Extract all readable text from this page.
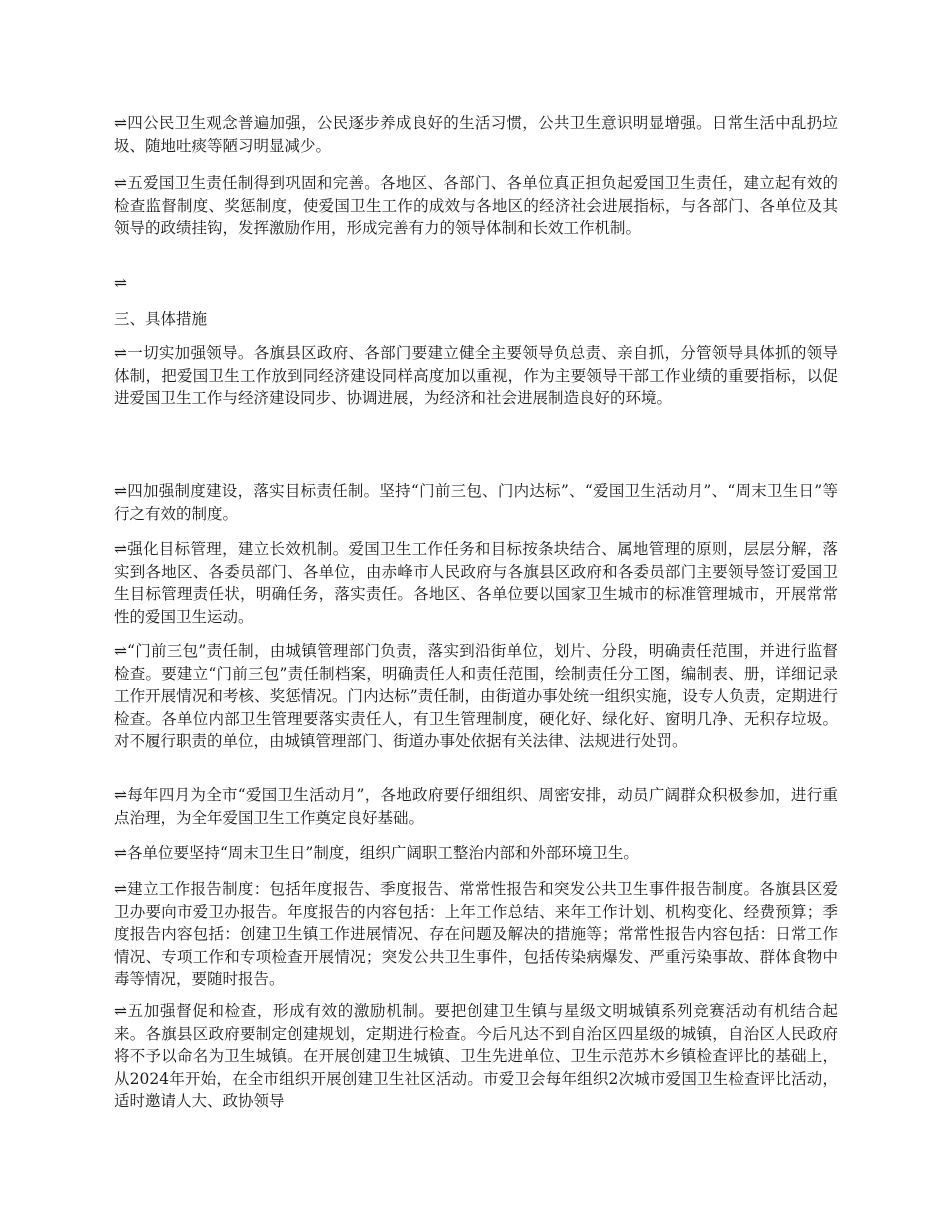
⇌四公民卫生观念普遍加强，公民逐步养成良好的生活习惯，公共卫生意识明显增强。日常生活中乱扔垃圾、随地吐痰等陋习明显减少。

⇌五爱国卫生责任制得到巩固和完善。各地区、各部门、各单位真正担负起爱国卫生责任，建立起有效的检查监督制度、奖惩制度，使爱国卫生工作的成效与各地区的经济社会进展指标，与各部门、各单位及其领导的政绩挂钩，发挥激励作用，形成完善有力的领导体制和长效工作机制。

⇌

三、具体措施

⇌一切实加强领导。各旗县区政府、各部门要建立健全主要领导负总责、亲自抓，分管领导具体抓的领导体制，把爱国卫生工作放到同经济建设同样高度加以重视，作为主要领导干部工作业绩的重要指标，以促进爱国卫生工作与经济建设同步、协调进展，为经济和社会进展制造良好的环境。

⇌四加强制度建设，落实目标责任制。坚持“门前三包、门内达标”、“爱国卫生活动月”、“周末卫生日”等行之有效的制度。

⇌强化目标管理，建立长效机制。爱国卫生工作任务和目标按条块结合、属地管理的原则，层层分解，落实到各地区、各委员部门、各单位，由赤峰市人民政府与各旗县区政府和各委员部门主要领导签订爱国卫生目标管理责任状，明确任务，落实责任。各地区、各单位要以国家卫生城市的标准管理城市，开展常常性的爱国卫生运动。

⇌“门前三包”责任制，由城镇管理部门负责，落实到沿街单位，划片、分段，明确责任范围，并进行监督检查。要建立“门前三包”责任制档案，明确责任人和责任范围，绘制责任分工图，编制表、册，详细记录工作开展情况和考核、奖惩情况。门内达标”责任制，由街道办事处统一组织实施，设专人负责，定期进行检查。各单位内部卫生管理要落实责任人，有卫生管理制度，硬化好、绿化好、窗明几净、无积存垃圾。对不履行职责的单位，由城镇管理部门、街道办事处依据有关法律、法规进行处罚。

⇌每年四月为全市“爱国卫生活动月”，各地政府要仔细组织、周密安排，动员广阔群众积极参加，进行重点治理，为全年爱国卫生工作奠定良好基础。

⇌各单位要坚持“周末卫生日”制度，组织广阔职工整治内部和外部环境卫生。

⇌建立工作报告制度：包括年度报告、季度报告、常常性报告和突发公共卫生事件报告制度。各旗县区爱卫办要向市爱卫办报告。年度报告的内容包括：上年工作总结、来年工作计划、机构变化、经费预算；季度报告内容包括：创建卫生镇工作进展情况、存在问题及解决的措施等；常常性报告内容包括：日常工作情况、专项工作和专项检查开展情况；突发公共卫生事件，包括传染病爆发、严重污染事故、群体食物中毒等情况，要随时报告。

⇌五加强督促和检查，形成有效的激励机制。要把创建卫生镇与星级文明城镇系列竞赛活动有机结合起来。各旗县区政府要制定创建规划，定期进行检查。今后凡达不到自治区四星级的城镇，自治区人民政府将不予以命名为卫生城镇。在开展创建卫生城镇、卫生先进单位、卫生示范苏木乡镇检查评比的基础上，从2024年开始，在全市组织开展创建卫生社区活动。市爱卫会每年组织2次城市爱国卫生检查评比活动，适时邀请人大、政协领导
